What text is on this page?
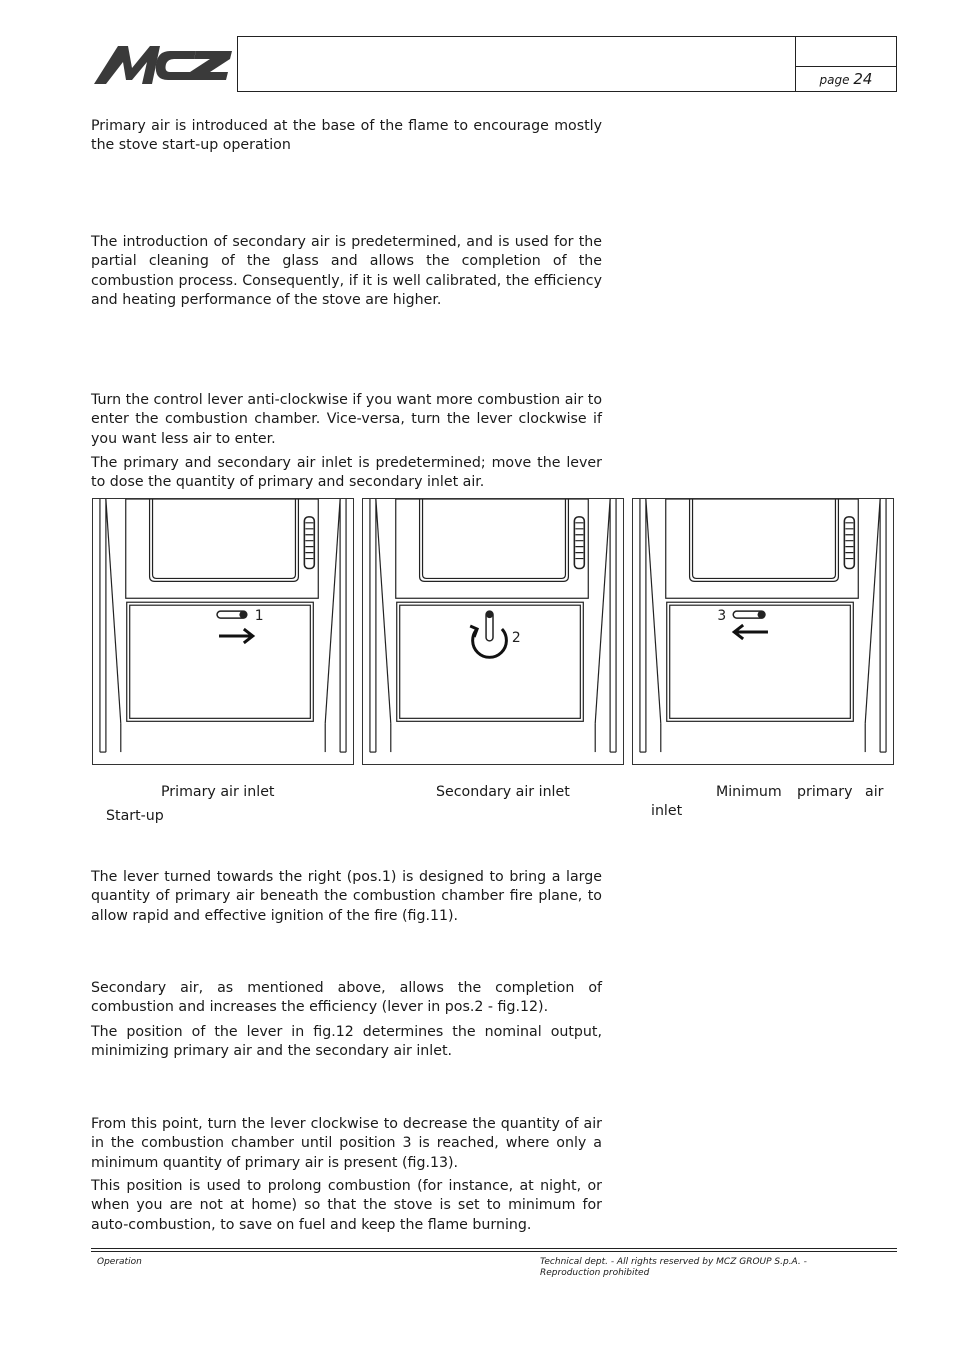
page 24

Primary air is introduced at the base of the flame to encourage mostly the stove start-up operation

The introduction of secondary air is predetermined, and is used for the partial cleaning of the glass and allows the completion of the combustion process. Consequently, if it is well calibrated, the efficiency and heating performance of the stove are higher.

Turn the control lever anti-clockwise if you want more combustion air to enter the combustion chamber. Vice-versa, turn the lever clockwise if you want less air to enter.

The primary and secondary air inlet is predetermined; move the lever to dose the quantity of primary and secondary inlet air.

1
2
3
Primary air inlet
Start-up
Secondary air inlet	Minimum primary air
inlet

The lever turned towards the right (pos.1) is designed to bring a large quantity of primary air beneath the combustion chamber fire plane, to allow rapid and effective ignition of the fire (fig.11).

Secondary air, as mentioned above, allows the completion of combustion and increases the efficiency (lever in pos.2 - fig.12).

The position of the lever in fig.12 determines the nominal output, minimizing primary air and the secondary air inlet.

From this point, turn the lever clockwise to decrease the quantity of air in the combustion chamber until position 3 is reached, where only a minimum quantity of primary air is present (fig.13).

This position is used to prolong combustion (for instance, at night, or when you are not at home) so that the stove is set to minimum for auto-combustion, to save on fuel and keep the flame burning.

Operation	Technical dept. - All rights reserved by MCZ GROUP S.p.A. - Reproduction prohibited
